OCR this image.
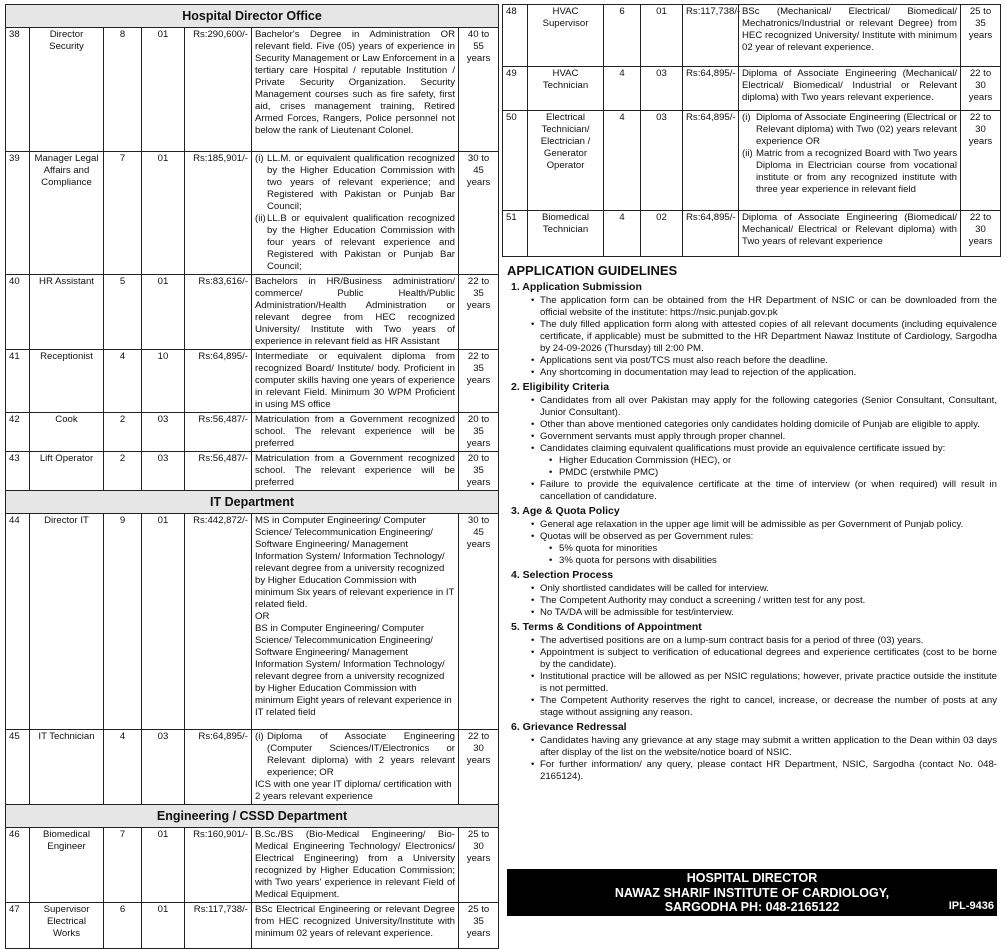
Hospital Director Office						
38	Director Security	8	01	Rs:290,600/-	Bachelor's Degree in Administration OR relevant field. Five (05) years of experience in Security Management or Law Enforcement in a tertiary care Hospital / reputable Institution / Private Security Organization. Security Management courses such as fire safety, first aid, crises management training, Retired Armed Forces, Rangers, Police personnel not below the rank of Lieutenant Colonel.	40 to 55 years
39	Manager Legal Affairs and Compliance	7	01	Rs:185,901/-	(i) LL.M. or equivalent qualification recognized by the Higher Education Commission with two years of relevant experience; and Registered with Pakistan or Punjab Bar Council;
(ii) LL.B or equivalent qualification recognized by the Higher Education Commission with four years of relevant experience and Registered with Pakistan or Punjab Bar Council;	30 to 45 years
40	HR Assistant	5	01	Rs:83,616/-	Bachelors in HR/Business administration/ commerce/ Public Health/Public Administration/Health Administration or relevant degree from HEC recognized University/ Institute with Two years of experience in relevant field as HR Assistant	22 to 35 years
41	Receptionist	4	10	Rs:64,895/-	Intermediate or equivalent diploma from recognized Board/ Institute/ body. Proficient in computer skills having one years of experience in relevant Field. Minimum 30 WPM Proficient in using MS office	22 to 35 years
42	Cook	2	03	Rs:56,487/-	Matriculation from a Government recognized school. The relevant experience will be preferred	20 to 35 years
43	Lift Operator	2	03	Rs:56,487/-	Matriculation from a Government recognized school. The relevant experience will be preferred	20 to 35 years
IT Department						
44	Director IT	9	01	Rs:442,872/-	MS in Computer Engineering/ Computer Science/ Telecommunication Engineering/ Software Engineering/ Management Information System/ Information Technology/ relevant degree from a university recognized by Higher Education Commission with minimum Six years of relevant experience in IT related field.
OR
BS in Computer Engineering/ Computer Science/ Telecommunication Engineering/ Software Engineering/ Management Information System/ Information Technology/ relevant degree from a university recognized by Higher Education Commission with minimum Eight years of relevant experience in IT related field	30 to 45 years
45	IT Technician	4	03	Rs:64,895/-	(i) Diploma of Associate Engineering (Computer Sciences/IT/Electronics or Relevant diploma) with 2 years relevant experience; OR
ICS with one year IT diploma/ certification with 2 years relevant experience	22 to 30 years
Engineering / CSSD Department						
46	Biomedical Engineer	7	01	Rs:160,901/-	B.Sc./BS (Bio-Medical Engineering/ Bio-Medical Engineering Technology/ Electronics/ Electrical Engineering) from a University recognized by Higher Education Commission; with Two years' experience in relevant Field of Medical Equipment.	25 to 30 years
47	Supervisor Electrical Works	6	01	Rs:117,738/-	BSc Electrical Engineering or relevant Degree from HEC recognized University/Institute with minimum 02 years of relevant experience.	25 to 35 years
48	HVAC Supervisor	6	01	Rs:117,738/-	BSc (Mechanical/ Electrical/ Biomedical/ Mechatronics/Industrial or relevant Degree) from HEC recognized University/ Institute with minimum 02 year of relevant experience.	25 to 35 years
49	HVAC Technician	4	03	Rs:64,895/-	Diploma of Associate Engineering (Mechanical/ Electrical/ Biomedical/ Industrial or Relevant diploma) with Two years relevant experience.	22 to 30 years
50	Electrical Technician/ Electrician / Generator Operator	4	03	Rs:64,895/-	(i) Diploma of Associate Engineering (Electrical or Relevant diploma) with Two (02) years relevant experience OR
(ii) Matric from a recognized Board with Two years Diploma in Electrician course from vocational institute or from any recognized institute with three year experience in relevant field	22 to 30 years
51	Biomedical Technician	4	02	Rs:64,895/-	Diploma of Associate Engineering (Biomedical/ Mechanical/ Electrical or Relevant diploma) with Two years of relevant experience	22 to 30 years
APPLICATION GUIDELINES
1. Application Submission
• The application form can be obtained from the HR Department of NSIC or can be downloaded from the official website of the institute: https://nsic.punjab.gov.pk
• The duly filled application form along with attested copies of all relevant documents (including equivalence certificate, if applicable) must be submitted to the HR Department Nawaz Institute of Cardiology, Sargodha by 24-09-2026 (Thursday) till 2:00 PM.
• Applications sent via post/TCS must also reach before the deadline.
• Any shortcoming in documentation may lead to rejection of the application.
2. Eligibility Criteria
• Candidates from all over Pakistan may apply for the following categories (Senior Consultant, Consultant, Junior Consultant).
• Other than above mentioned categories only candidates holding domicile of Punjab are eligible to apply.
• Government servants must apply through proper channel.
• Candidates claiming equivalent qualifications must provide an equivalence certificate issued by:
• Higher Education Commission (HEC), or
• PMDC (erstwhile PMC)
• Failure to provide the equivalence certificate at the time of interview (or when required) will result in cancellation of candidature.
3. Age & Quota Policy
• General age relaxation in the upper age limit will be admissible as per Government of Punjab policy.
• Quotas will be observed as per Government rules:
• 5% quota for minorities
• 3% quota for persons with disabilities
4. Selection Process
• Only shortlisted candidates will be called for interview.
• The Competent Authority may conduct a screening / written test for any post.
• No TA/DA will be admissible for test/interview.
5. Terms & Conditions of Appointment
• The advertised positions are on a lump-sum contract basis for a period of three (03) years.
• Appointment is subject to verification of educational degrees and experience certificates (cost to be borne by the candidate).
• Institutional practice will be allowed as per NSIC regulations; however, private practice outside the institute is not permitted.
• The Competent Authority reserves the right to cancel, increase, or decrease the number of posts at any stage without assigning any reason.
6. Grievance Redressal
• Candidates having any grievance at any stage may submit a written application to the Dean within 03 days after display of the list on the website/notice board of NSIC.
• For further information/ any query, please contact HR Department, NSIC, Sargodha (contact No. 048-2165124).
HOSPITAL DIRECTOR
NAWAZ SHARIF INSTITUTE OF CARDIOLOGY,
SARGODHA PH: 048-2165122	IPL-9436
